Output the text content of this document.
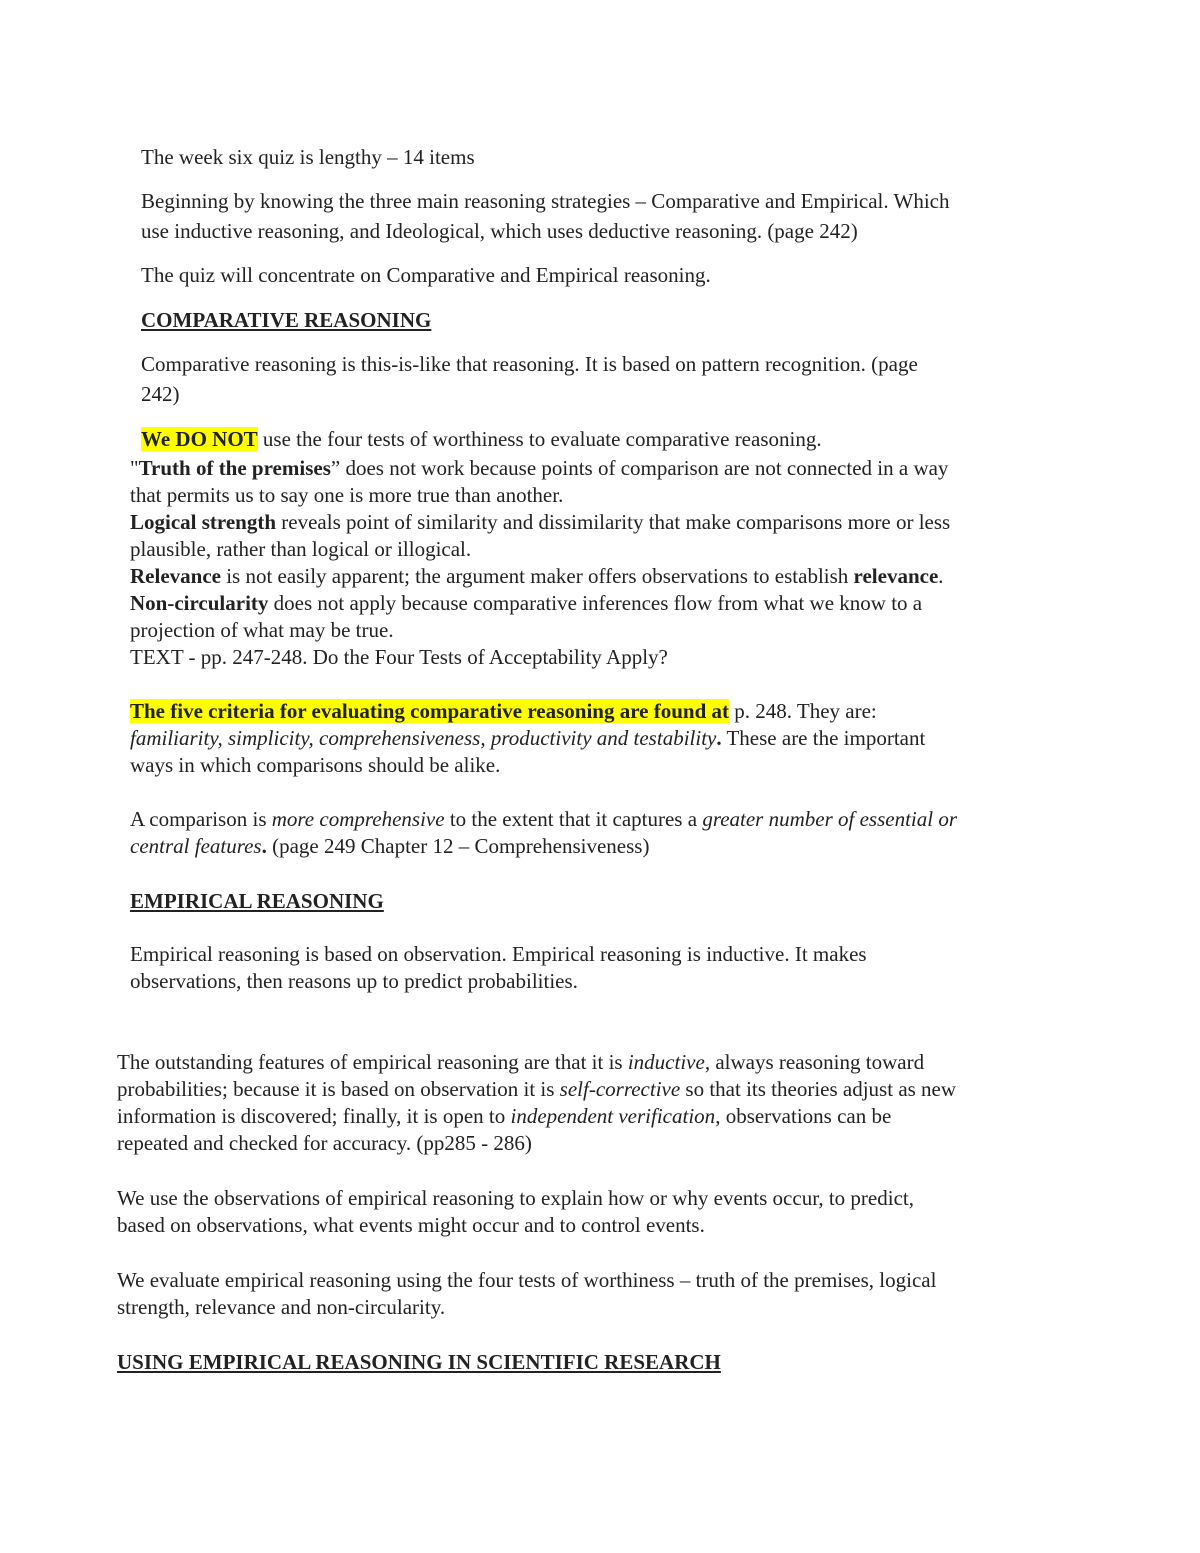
The week six quiz is lengthy – 14 items

Beginning by knowing the three main reasoning strategies – Comparative and Empirical. Which
use inductive reasoning, and Ideological, which uses deductive reasoning. (page 242)

The quiz will concentrate on Comparative and Empirical reasoning.

COMPARATIVE REASONING

Comparative reasoning is this-is-like that reasoning. It is based on pattern recognition. (page
242)

We DO NOT use the four tests of worthiness to evaluate comparative reasoning.

"Truth of the premises” does not work because points of comparison are not connected in a way
that permits us to say one is more true than another.
Logical strength reveals point of similarity and dissimilarity that make comparisons more or less
plausible, rather than logical or illogical.
Relevance is not easily apparent; the argument maker offers observations to establish relevance.
Non-circularity does not apply because comparative inferences flow from what we know to a
projection of what may be true.
TEXT - pp. 247-248. Do the Four Tests of Acceptability Apply?
The five criteria for evaluating comparative reasoning are found at p. 248. They are:
familiarity, simplicity, comprehensiveness, productivity and testability. These are the important
ways in which comparisons should be alike.
A comparison is more comprehensive to the extent that it captures a greater number of essential or
central features. (page 249 Chapter 12 – Comprehensiveness)

EMPIRICAL REASONING

Empirical reasoning is based on observation. Empirical reasoning is inductive. It makes
observations, then reasons up to predict probabilities.
The outstanding features of empirical reasoning are that it is inductive, always reasoning toward
probabilities; because it is based on observation it is self-corrective so that its theories adjust as new
information is discovered; finally, it is open to independent verification, observations can be
repeated and checked for accuracy. (pp285 - 286)
We use the observations of empirical reasoning to explain how or why events occur, to predict,
based on observations, what events might occur and to control events.
We evaluate empirical reasoning using the four tests of worthiness – truth of the premises, logical
strength, relevance and non-circularity.

USING EMPIRICAL REASONING IN SCIENTIFIC RESEARCH
